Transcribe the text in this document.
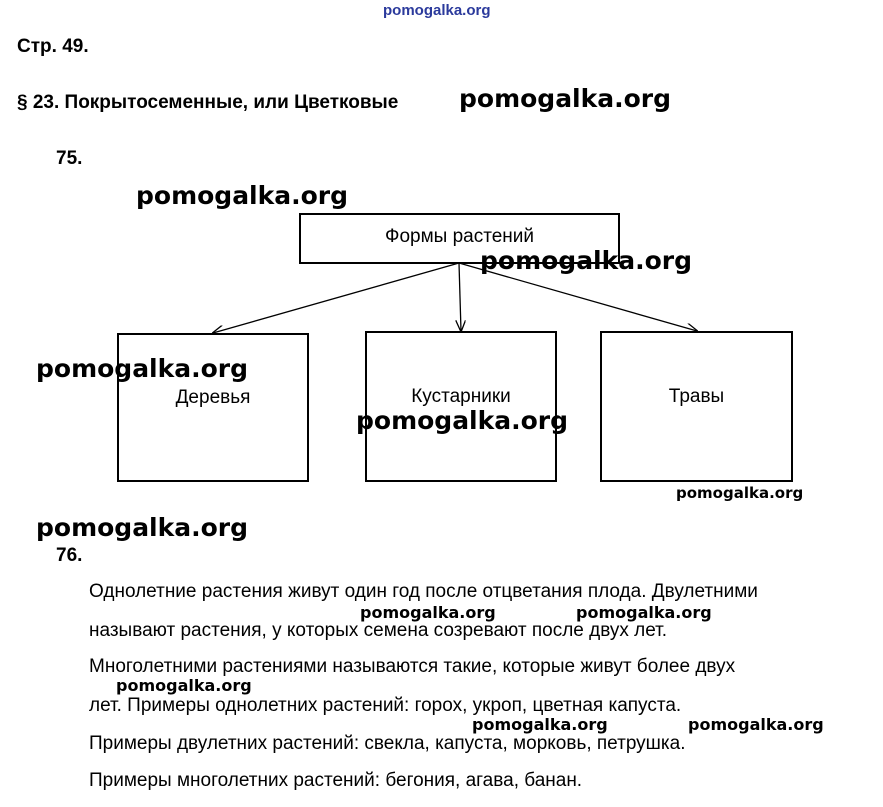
pomogalka.org
Стр. 49.
§ 23. Покрытосеменные, или Цветковые pomogalka.org
75.
pomogalka.org
Формы растений
Деревья	Кустарники	Травы
pomogalka.org
pomogalka.org
pomogalka.org
pomogalka.org
pomogalka.org
76.
Однолетние растения живут один год после отцветания плода. Двулетними
pomogalka.org	pomogalka.org
называют растения, у которых семена созревают после двух лет.
Многолетними растениями называются такие, которые живут более двух
pomogalka.org
лет. Примеры однолетних растений: горох, укроп, цветная капуста.
pomogalka.org	pomogalka.org
Примеры двулетних растений: свекла, капуста, морковь, петрушка.
Примеры многолетних растений: бегония, агава, банан.
